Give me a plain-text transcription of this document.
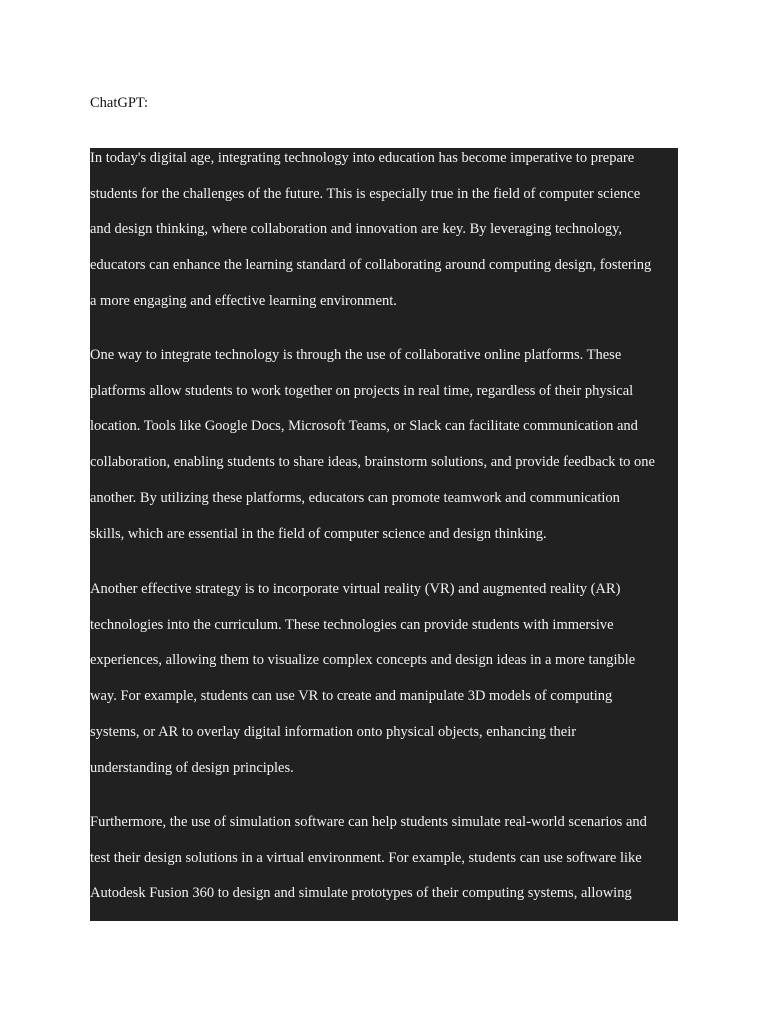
ChatGPT:
In today's digital age, integrating technology into education has become imperative to prepare
students for the challenges of the future. This is especially true in the field of computer science
and design thinking, where collaboration and innovation are key. By leveraging technology,
educators can enhance the learning standard of collaborating around computing design, fostering
a more engaging and effective learning environment.
One way to integrate technology is through the use of collaborative online platforms. These
platforms allow students to work together on projects in real time, regardless of their physical
location. Tools like Google Docs, Microsoft Teams, or Slack can facilitate communication and
collaboration, enabling students to share ideas, brainstorm solutions, and provide feedback to one
another. By utilizing these platforms, educators can promote teamwork and communication
skills, which are essential in the field of computer science and design thinking.
Another effective strategy is to incorporate virtual reality (VR) and augmented reality (AR)
technologies into the curriculum. These technologies can provide students with immersive
experiences, allowing them to visualize complex concepts and design ideas in a more tangible
way. For example, students can use VR to create and manipulate 3D models of computing
systems, or AR to overlay digital information onto physical objects, enhancing their
understanding of design principles.
Furthermore, the use of simulation software can help students simulate real-world scenarios and
test their design solutions in a virtual environment. For example, students can use software like
Autodesk Fusion 360 to design and simulate prototypes of their computing systems, allowing
